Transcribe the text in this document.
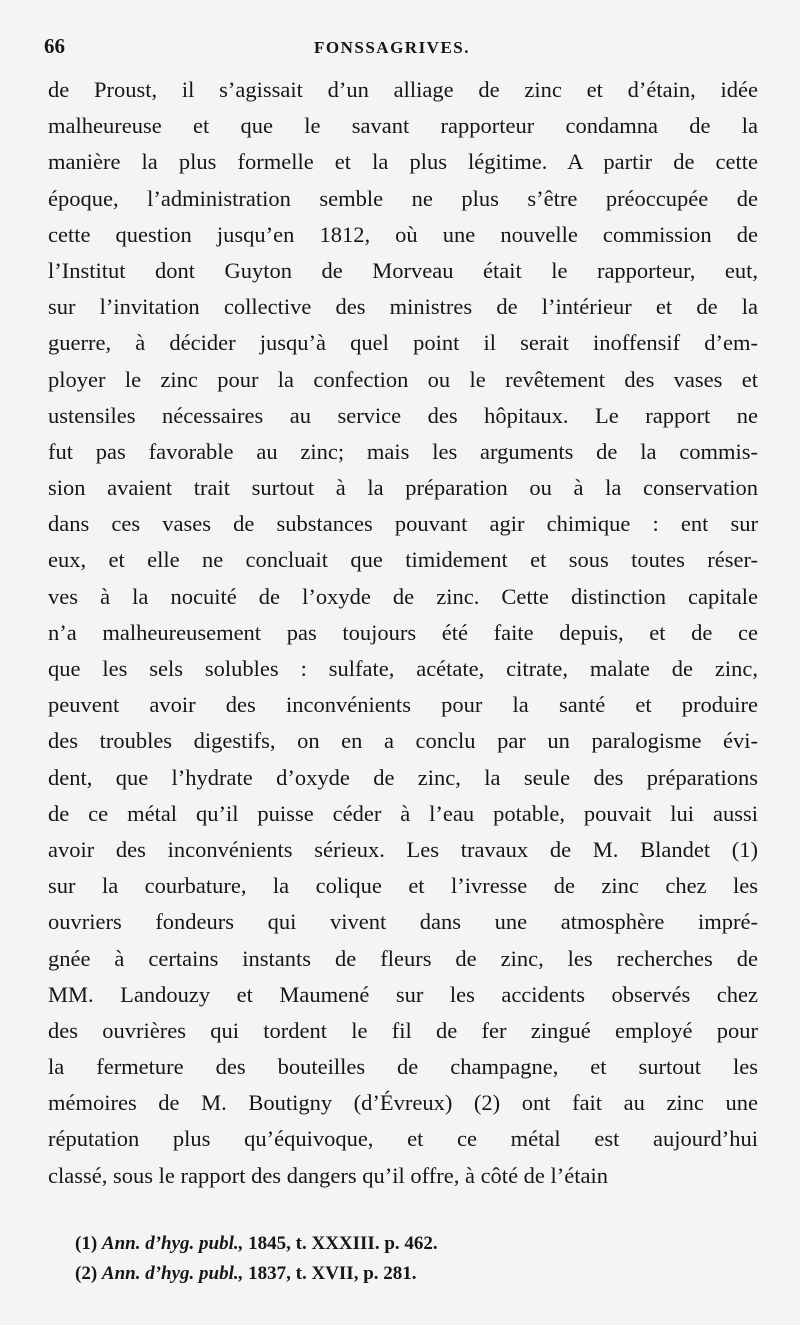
66	FONSSAGRIVES.
de Proust, il s’agissait d’un alliage de zinc et d’étain, idée
malheureuse et que le savant rapporteur condamna de la
manière la plus formelle et la plus légitime. A partir de cette
époque, l’administration semble ne plus s’être préoccupée de
cette question jusqu’en 1812, où une nouvelle commission de
l’Institut dont Guyton de Morveau était le rapporteur, eut,
sur l’invitation collective des ministres de l’intérieur et de la
guerre, à décider jusqu’à quel point il serait inoffensif d’em-
ployer le zinc pour la confection ou le revêtement des vases et
ustensiles nécessaires au service des hôpitaux. Le rapport ne
fut pas favorable au zinc; mais les arguments de la commis-
sion avaient trait surtout à la préparation ou à la conservation
dans ces vases de substances pouvant agir chimique : ent sur
eux, et elle ne concluait que timidement et sous toutes réser-
ves à la nocuité de l’oxyde de zinc. Cette distinction capitale
n’a malheureusement pas toujours été faite depuis, et de ce
que les sels solubles : sulfate, acétate, citrate, malate de zinc,
peuvent avoir des inconvénients pour la santé et produire
des troubles digestifs, on en a conclu par un paralogisme évi-
dent, que l’hydrate d’oxyde de zinc, la seule des préparations
de ce métal qu’il puisse céder à l’eau potable, pouvait lui aussi
avoir des inconvénients sérieux. Les travaux de M. Blandet (1)
sur la courbature, la colique et l’ivresse de zinc chez les
ouvriers fondeurs qui vivent dans une atmosphère impré-
gnée à certains instants de fleurs de zinc, les recherches de
MM. Landouzy et Maumené sur les accidents observés chez
des ouvrières qui tordent le fil de fer zingué employé pour
la fermeture des bouteilles de champagne, et surtout les
mémoires de M. Boutigny (d’Évreux) (2) ont fait au zinc une
réputation plus qu’équivoque, et ce métal est aujourd’hui
classé, sous le rapport des dangers qu’il offre, à côté de l’étain
(1) Ann. d’hyg. publ., 1845, t. XXXIII. p. 462.
(2) Ann. d’hyg. publ., 1837, t. XVII, p. 281.
